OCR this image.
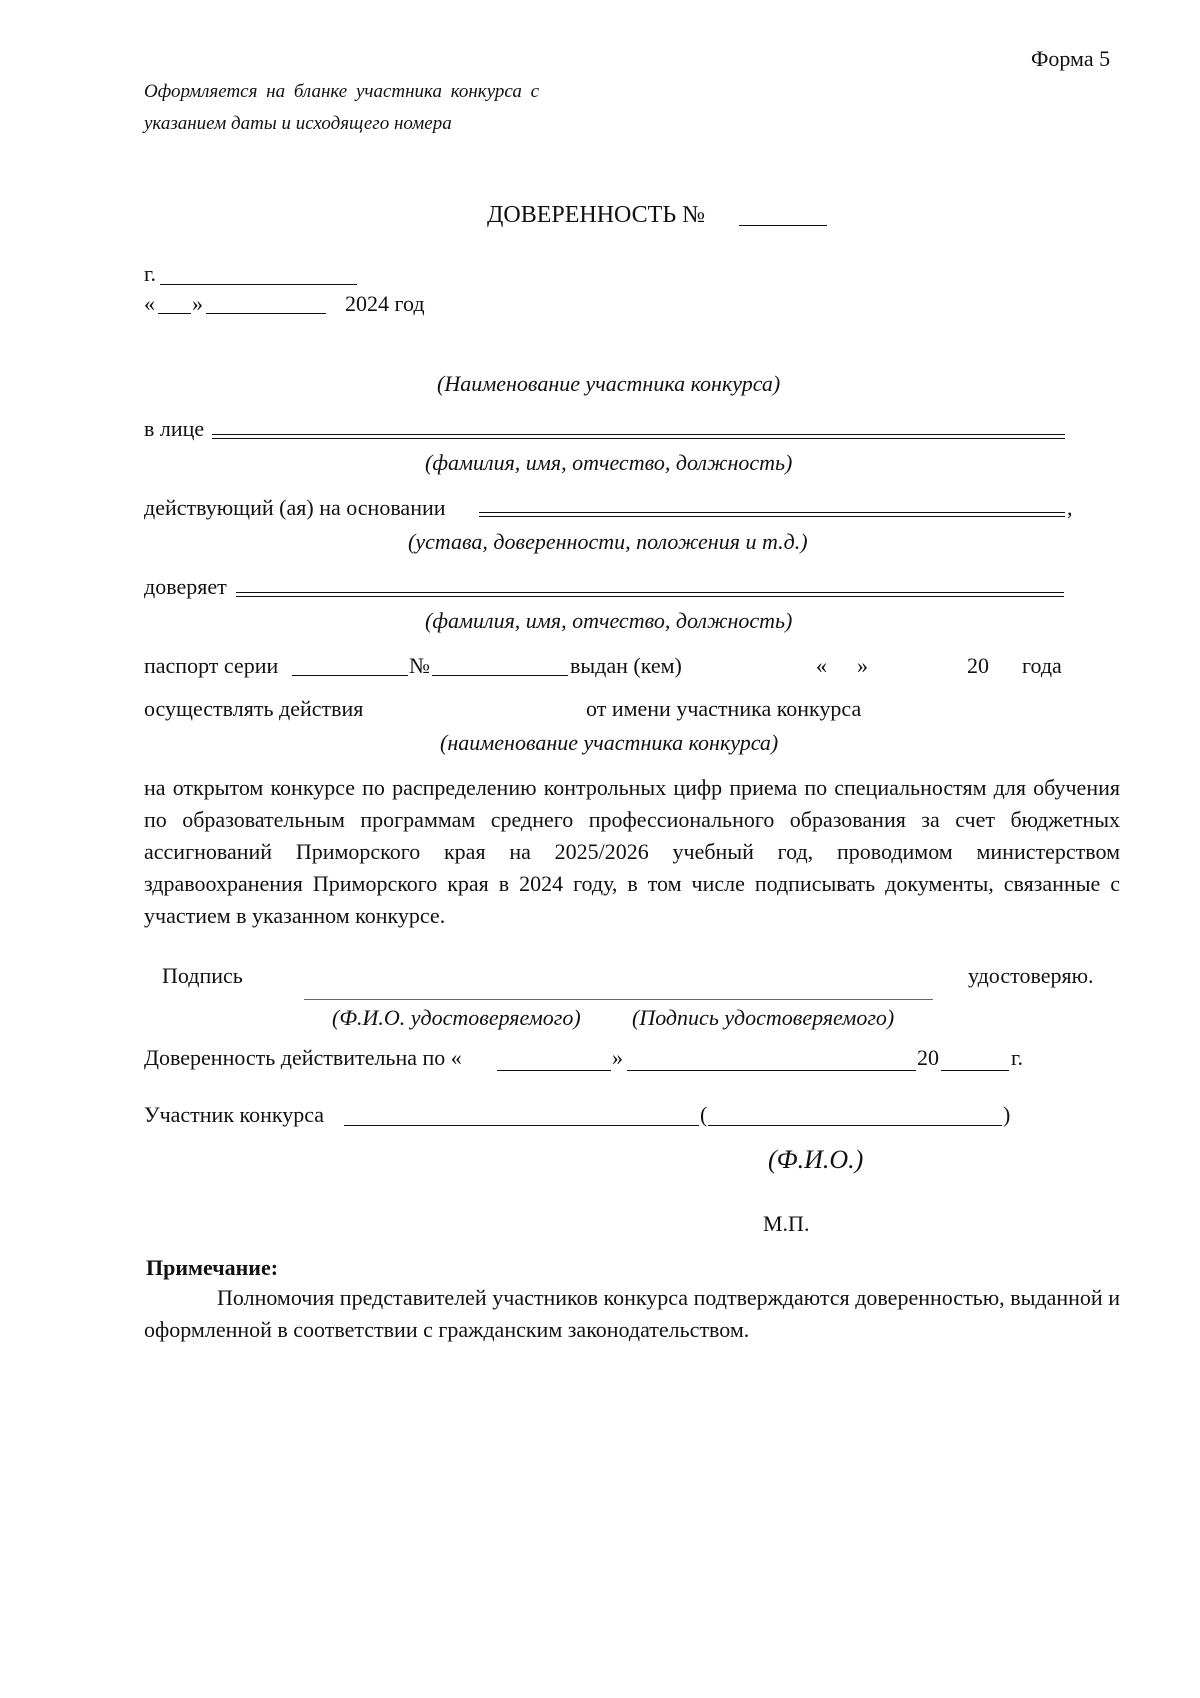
Форма 5
Оформляется на бланке участника конкурса с
указанием даты и исходящего номера
ДОВЕРЕННОСТЬ №
г.
« »	2024 год
(Наименование участника конкурса)
в лице
(фамилия, имя, отчество, должность)
действующий (ая) на основании	,
(устава, доверенности, положения и т.д.)
доверяет
(фамилия, имя, отчество, должность)
паспорт серии	№	выдан (кем)	« »	20 года
осуществлять действия	от имени участника конкурса
(наименование участника конкурса)
на открытом конкурсе по распределению контрольных цифр приема по специальностям для обучения по образовательным программам среднего профессионального образования за счет бюджетных ассигнований Приморского края на 2025/2026 учебный год, проводимом министерством здравоохранения Приморского края в 2024 году, в том числе подписывать документы, связанные с участием в указанном конкурсе.
Подпись	удостоверяю.
(Ф.И.О. удостоверяемого) (Подпись удостоверяемого)
Доверенность действительна по «	»	20	г.
Участник конкурса	(	)
(Ф.И.О.)
М.П.
Примечание:
Полномочия представителей участников конкурса подтверждаются доверенностью, выданной и оформленной в соответствии с гражданским законодательством.
